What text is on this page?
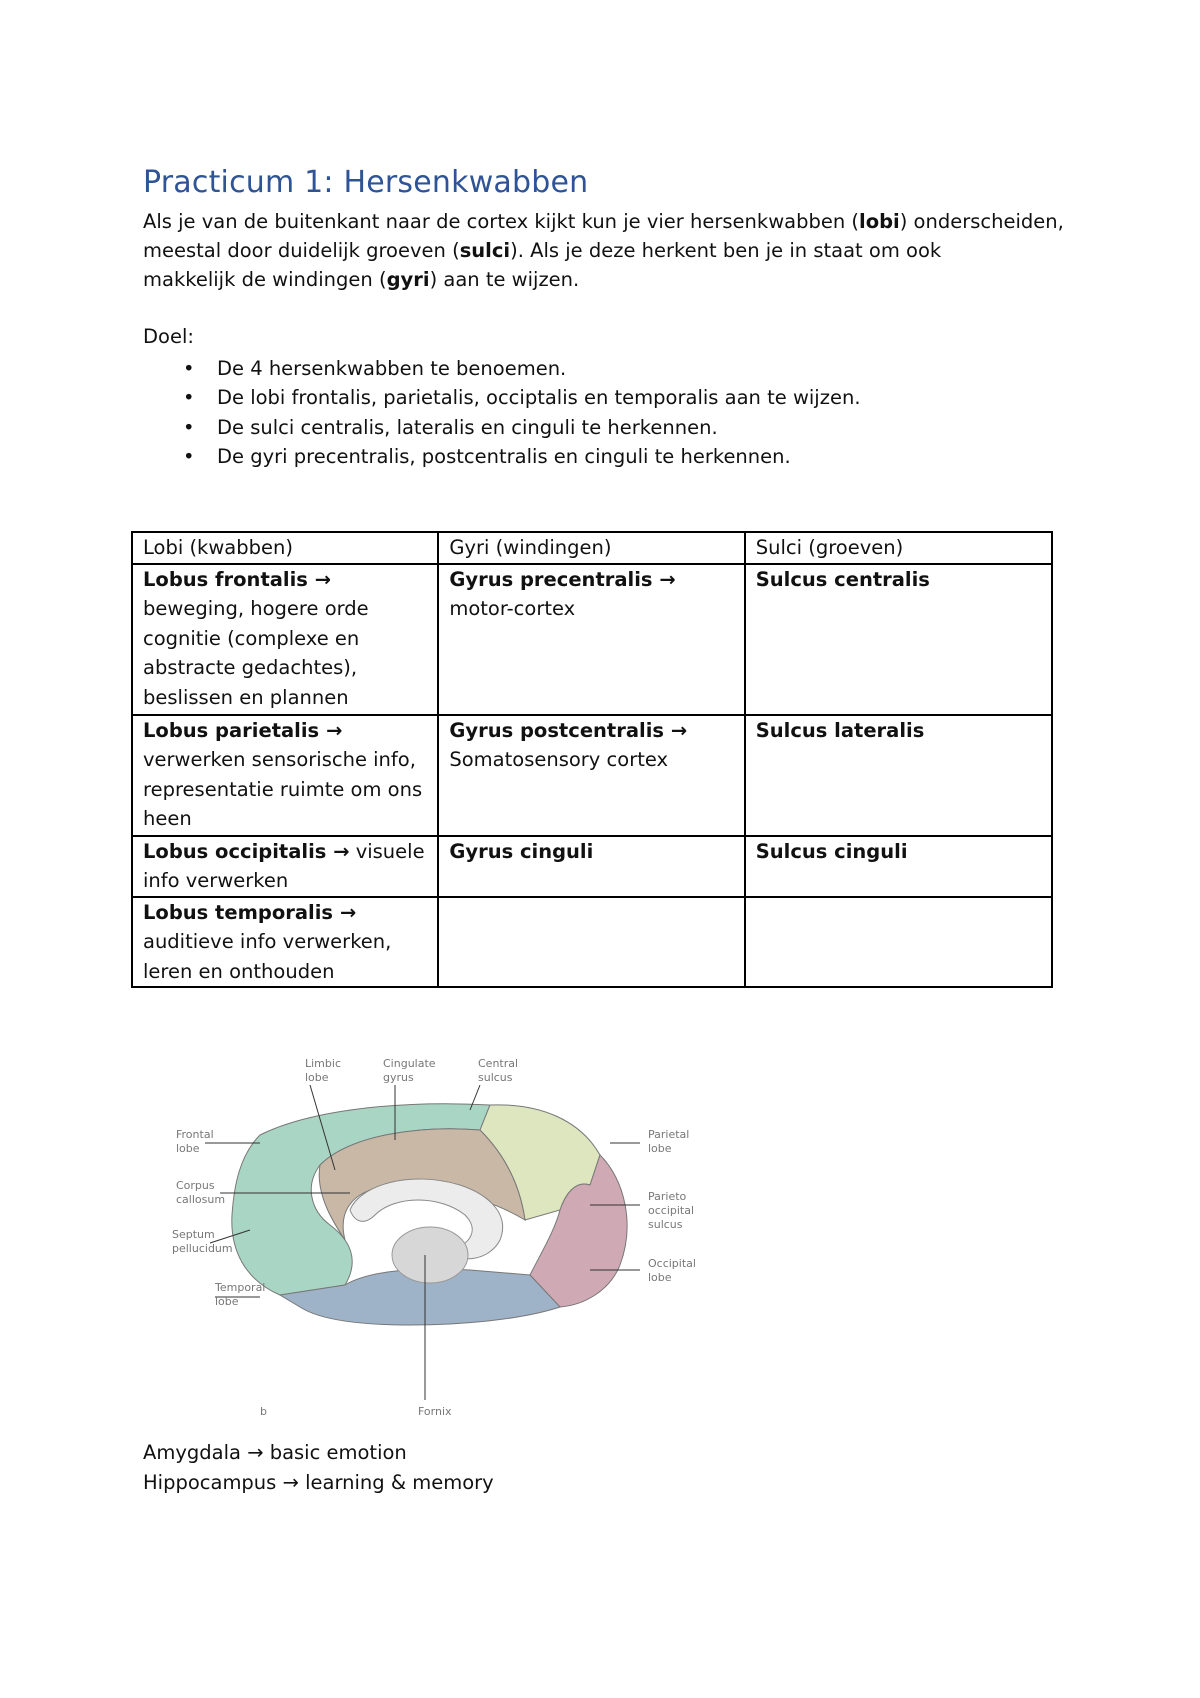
Practicum 1: Hersenkwabben

Als je van de buitenkant naar de cortex kijkt kun je vier hersenkwabben (lobi) onderscheiden,
meestal door duidelijk groeven (sulci). Als je deze herkent ben je in staat om ook
makkelijk de windingen (gyri) aan te wijzen.

Doel:

• De 4 hersenkwabben te benoemen.
• De lobi frontalis, parietalis, occiptalis en temporalis aan te wijzen.
• De sulci centralis, lateralis en cinguli te herkennen.
• De gyri precentralis, postcentralis en cinguli te herkennen.
Lobi (kwabben)	Gyri (windingen)	Sulci (groeven)
Lobus frontalis →
beweging, hogere orde cognitie (complexe en abstracte gedachtes), beslissen en plannen	Gyrus precentralis →
motor-cortex	Sulcus centralis
Lobus parietalis →
verwerken sensorische info, representatie ruimte om ons heen	Gyrus postcentralis →
Somatosensory cortex	Sulcus lateralis
Lobus occipitalis → visuele info verwerken	Gyrus cinguli	Sulcus cinguli
Lobus temporalis →
auditieve info verwerken, leren en onthouden		
Limbic
lobe
Cingulate
gyrus
Central
sulcus
Frontal
lobe
Corpus
callosum
Septum
pellucidum
Temporal
lobe
Parietal
lobe
Parieto
occipital
sulcus
Occipital
lobe
Fornix
b

Amygdala → basic emotion
Hippocampus → learning & memory
